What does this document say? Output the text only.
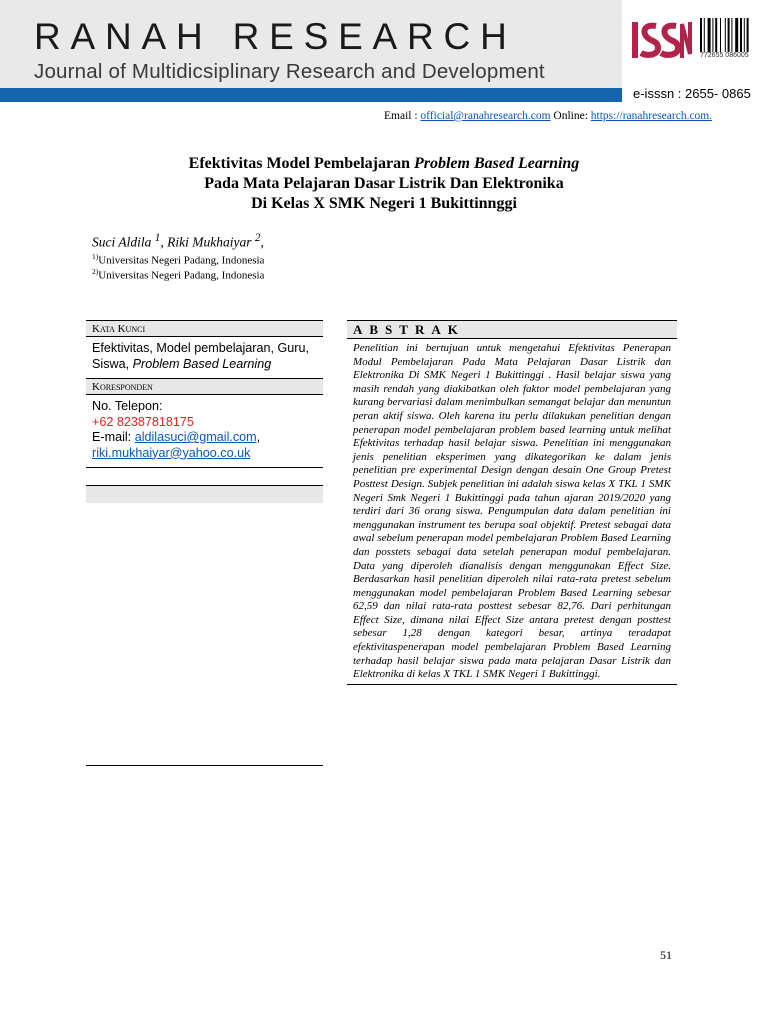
RANAH RESEARCH
Journal of Multidicsiplinary Research and Development
772655 086005
e-isssn : 2655- 0865
Email : official@ranahresearch.com Online: https://ranahresearch.com.
Efektivitas Model Pembelajaran Problem Based Learning
Pada Mata Pelajaran Dasar Listrik Dan Elektronika
Di Kelas X SMK Negeri 1 Bukittinnggi
Suci Aldila $^1$, Riki Mukhaiyar $^2$,
$^{1)}$Universitas Negeri Padang, Indonesia
$^{2)}$Universitas Negeri Padang, Indonesia
Kata Kunci
Efektivitas, Model pembelajaran, Guru, Siswa, Problem Based Learning
Koresponden
No. Telepon:
+62 82387818175
E-mail: aldilasuci@gmail.com,
riki.mukhaiyar@yahoo.co.uk
ABSTRAK
Penelitian ini bertujuan untuk mengetahui Efektivitas Penerapan Modul Pembelajaran Pada Mata Pelajaran Dasar Listrik dan Elektronika Di SMK Negeri 1 Bukittinggi . Hasil belajar siswa yang masih rendah yang diakibatkan oleh faktor model pembelajaran yang kurang bervariasi dalam menimbulkan semangat belajar dan menuntun peran aktif siswa. Oleh karena itu perlu dilakukan penelitian dengan penerapan model pembelajaran problem based learning untuk melihat Efektivitas terhadap hasil belajar siswa. Penelitian ini menggunakan jenis penelitian eksperimen yang dikategorikan ke dalam jenis penelitian pre experimental Design dengan desain One Group Pretest Posttest Design. Subjek penelitian ini adalah siswa kelas X TKL 1 SMK Negeri Smk Negeri 1 Bukittinggi pada tahun ajaran 2019/2020 yang terdiri dari 36 orang siswa. Pengumpulan data dalam penelitian ini menggunakan instrument tes berupa soal objektif. Pretest sebagai data awal sebelum penerapan model pembelajaran Problem Based Learning dan posstets sebagai data setelah penerapan modul pembelajaran. Data yang diperoleh dianalisis dengan menggunakan Effect Size. Berdasarkan hasil penelitian diperoleh nilai rata-rata pretest sebelum menggunakan model pembelajaran Problem Based Learning sebesar 62,59 dan nilai rata-rata posttest sebesar 82,76. Dari perhitungan Effect Size, dimana nilai Effect Size antara pretest dengan posttest sebesar 1,28 dengan kategori besar, artinya teradapat efektivitaspenerapan model pembelajaran Problem Based Learning terhadap hasil belajar siswa pada mata pelajaran Dasar Listrik dan Elektronika di kelas X TKL 1 SMK Negeri 1 Bukittinggi.
51
